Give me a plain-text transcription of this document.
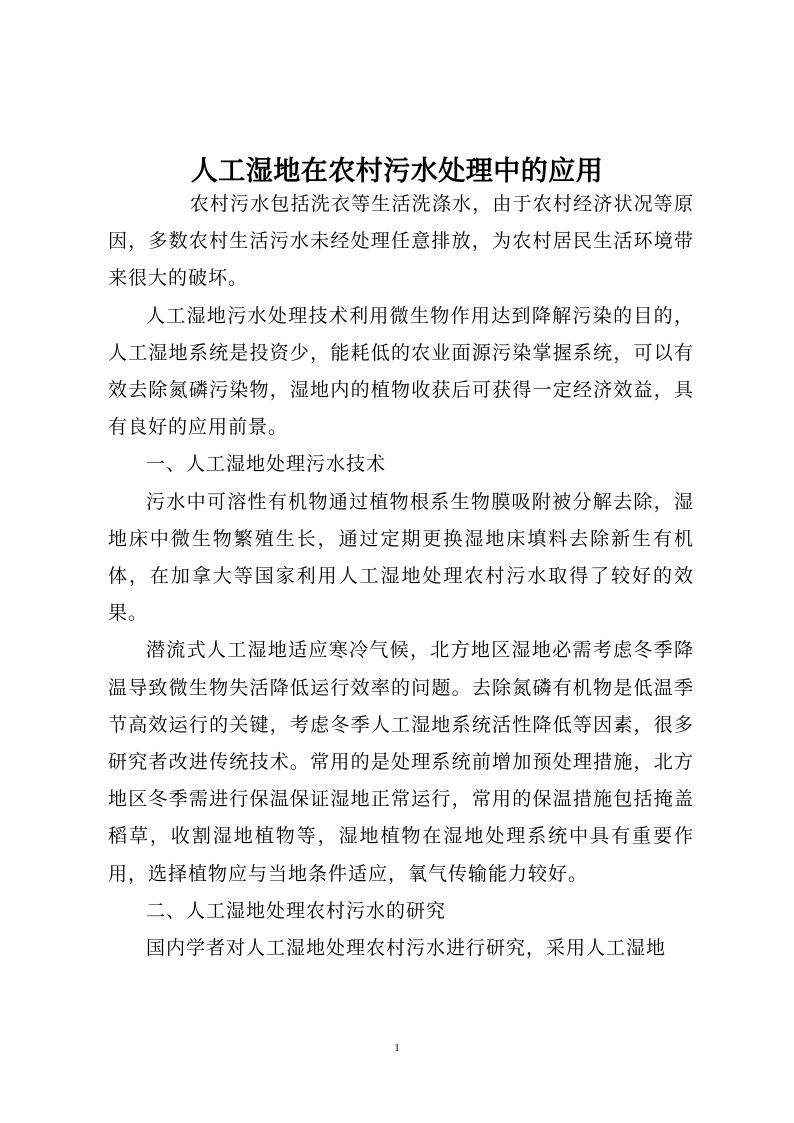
人工湿地在农村污水处理中的应用

农村污水包括洗衣等生活洗涤水，由于农村经济状况等原因，多数农村生活污水未经处理任意排放，为农村居民生活环境带来很大的破坏。

人工湿地污水处理技术利用微生物作用达到降解污染的目的，人工湿地系统是投资少，能耗低的农业面源污染掌握系统，可以有效去除氮磷污染物，湿地内的植物收获后可获得一定经济效益，具有良好的应用前景。

一、人工湿地处理污水技术

污水中可溶性有机物通过植物根系生物膜吸附被分解去除，湿地床中微生物繁殖生长，通过定期更换湿地床填料去除新生有机体，在加拿大等国家利用人工湿地处理农村污水取得了较好的效果。

潜流式人工湿地适应寒冷气候，北方地区湿地必需考虑冬季降温导致微生物失活降低运行效率的问题。去除氮磷有机物是低温季节高效运行的关键，考虑冬季人工湿地系统活性降低等因素，很多研究者改进传统技术。常用的是处理系统前增加预处理措施，北方地区冬季需进行保温保证湿地正常运行，常用的保温措施包括掩盖稻草，收割湿地植物等，湿地植物在湿地处理系统中具有重要作用，选择植物应与当地条件适应，氧气传输能力较好。

二、人工湿地处理农村污水的研究

国内学者对人工湿地处理农村污水进行研究，采用人工湿地

1
